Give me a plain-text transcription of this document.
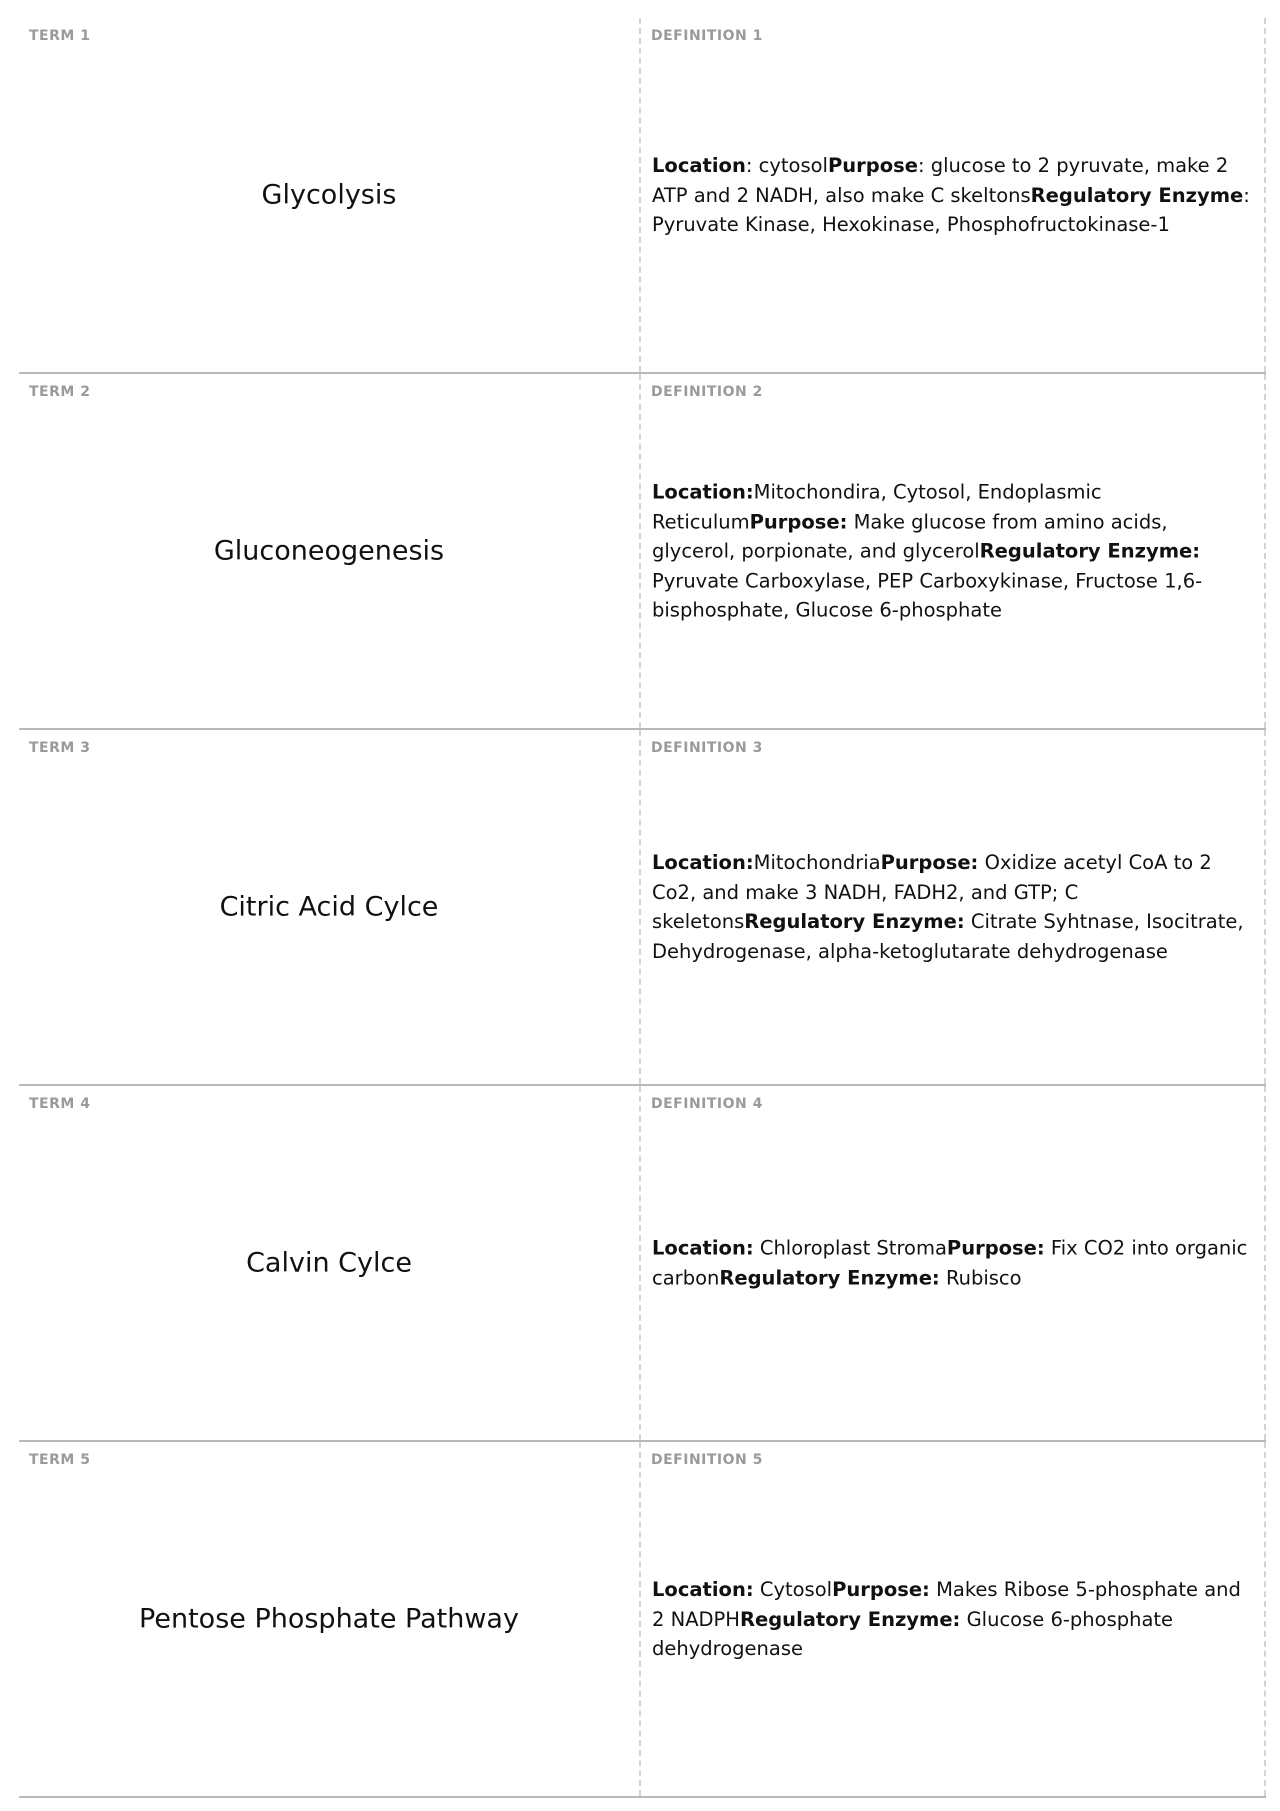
TERM 1
Glycolysis
DEFINITION 1
Location: cytosolPurpose: glucose to 2 pyruvate, make 2 ATP and 2 NADH, also make C skeltonsRegulatory Enzyme: Pyruvate Kinase, Hexokinase, Phosphofructokinase-1
TERM 2
Gluconeogenesis
DEFINITION 2
Location:Mitochondira, Cytosol, Endoplasmic ReticulumPurpose: Make glucose from amino acids, glycerol, porpionate, and glycerolRegulatory Enzyme: Pyruvate Carboxylase, PEP Carboxykinase, Fructose 1,6-bisphosphate, Glucose 6-phosphate
TERM 3
Citric Acid Cylce
DEFINITION 3
Location:MitochondriaPurpose: Oxidize acetyl CoA to 2 Co2, and make 3 NADH, FADH2, and GTP; C skeletonsRegulatory Enzyme: Citrate Syhtnase, Isocitrate, Dehydrogenase, alpha-ketoglutarate dehydrogenase
TERM 4
Calvin Cylce
DEFINITION 4
Location: Chloroplast StromaPurpose: Fix CO2 into organic carbonRegulatory Enzyme: Rubisco
TERM 5
Pentose Phosphate Pathway
DEFINITION 5
Location: CytosolPurpose: Makes Ribose 5-phosphate and 2 NADPHRegulatory Enzyme: Glucose 6-phosphate dehydrogenase
